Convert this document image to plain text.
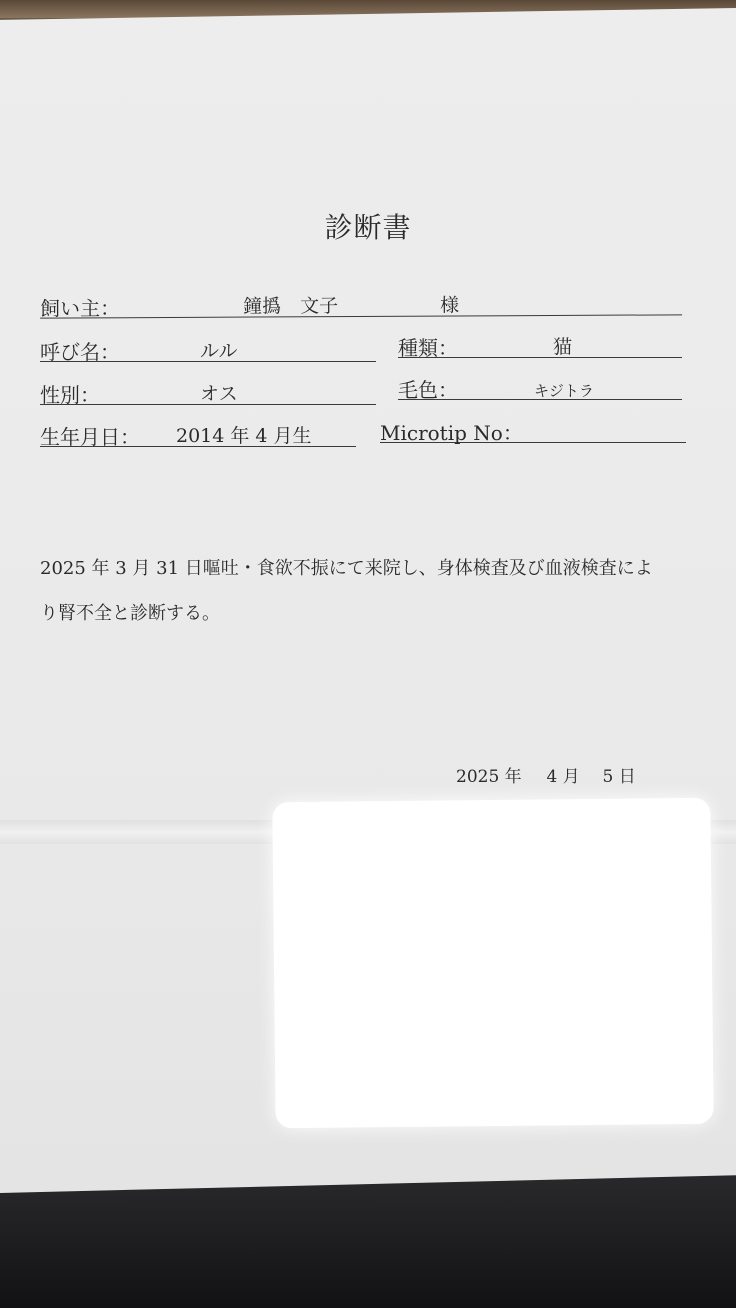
診断書
飼い主：	鐘撝　文子	様
呼び名：	ルル	種類：	猫
性別：	オス	毛色：	キジトラ
生年月日： 2014 年 4 月生	Microtip No：
2025 年 3 月 31 日嘔吐・食欲不振にて来院し、身体検査及び血液検査によ
り腎不全と診断する。
2025 年 4 月 5 日
